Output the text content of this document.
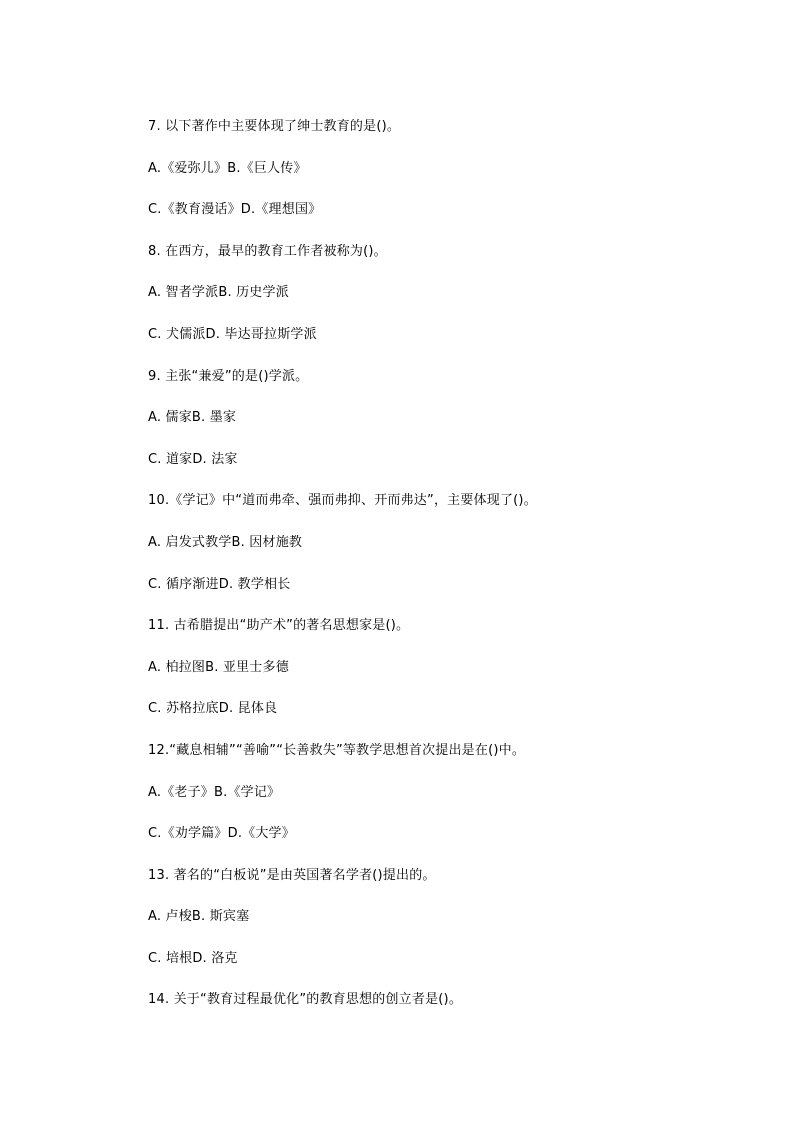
7. 以下著作中主要体现了绅士教育的是()。
A.《爱弥儿》B.《巨人传》
C.《教育漫话》D.《理想国》
8. 在西方，最早的教育工作者被称为()。
A. 智者学派B. 历史学派
C. 犬儒派D. 毕达哥拉斯学派
9. 主张“兼爱”的是()学派。
A. 儒家B. 墨家
C. 道家D. 法家
10.《学记》中“道而弗牵、强而弗抑、开而弗达”，主要体现了()。
A. 启发式教学B. 因材施教
C. 循序渐进D. 教学相长
11. 古希腊提出“助产术”的著名思想家是()。
A. 柏拉图B. 亚里士多德
C. 苏格拉底D. 昆体良
12.“藏息相辅”“善喻”“长善救失”等教学思想首次提出是在()中。
A.《老子》B.《学记》
C.《劝学篇》D.《大学》
13. 著名的“白板说”是由英国著名学者()提出的。
A. 卢梭B. 斯宾塞
C. 培根D. 洛克
14. 关于“教育过程最优化”的教育思想的创立者是()。
